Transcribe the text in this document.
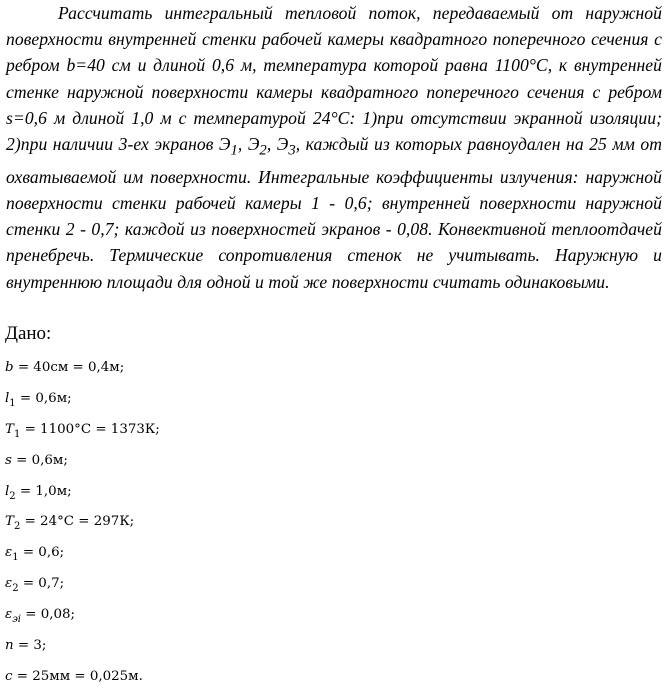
Рассчитать интегральный тепловой поток, передаваемый от наружной поверхности внутренней стенки рабочей камеры квадратного поперечного сечения с ребром b=40 см и длиной 0,6 м, температура которой равна 1100°С, к внутренней стенке наружной поверхности камеры квадратного поперечного сечения с ребром s=0,6 м длиной 1,0 м с температурой 24°С: 1)при отсутствии экранной изоляции; 2)при наличии 3-ех экранов $Э_1$, $Э_2$, $Э_3$, каждый из которых равноудален на 25 мм от охватываемой им поверхности. Интегральные коэффициенты излучения: наружной поверхности стенки рабочей камеры 1 - 0,6; внутренней поверхности наружной стенки 2 - 0,7; каждой из поверхностей экранов - 0,08. Конвективной теплоотдачей пренебречь. Термические сопротивления стенок не учитывать. Наружную и внутреннюю площади для одной и той же поверхности считать одинаковыми.

Дано:
b = 40см = 0,4м;
$l_1 = 0,6м$;
$T_1 = 1100^\circ С = 1373К$;
s = 0,6м;
$l_2 = 1,0м$;
$T_2 = 24^\circ С = 297К$;
$\varepsilon_1 = 0,6$;
$\varepsilon_2 = 0,7$;
$\varepsilon_{эi} = 0,08$;
n = 3;
c = 25мм = 0,025м.
